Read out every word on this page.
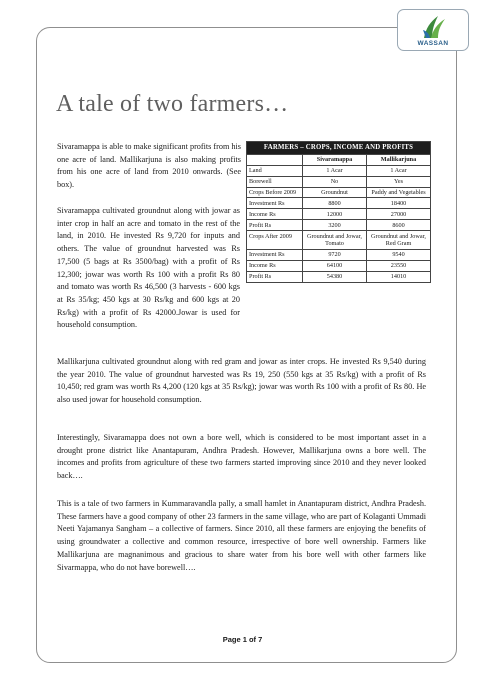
WASSAN
A tale of two farmers…

Sivaramappa is able to make significant profits from his one acre of land. Mallikarjuna is also making profits from his one acre of land from 2010 onwards. (See box).

Sivaramappa cultivated groundnut along with jowar as inter crop in half an acre and tomato in the rest of the land, in 2010. He invested Rs 9,720 for inputs and others. The value of groundnut harvested was Rs 17,500 (5 bags at Rs 3500/bag) with a profit of Rs 12,300; jowar was worth Rs 100 with a profit Rs 80 and tomato was worth Rs 46,500 (3 harvests - 600 kgs at Rs 35/kg; 450 kgs at 30 Rs/kg and 600 kgs at 20 Rs/kg) with a profit of Rs 42000.Jowar is used for household consumption.
FARMERS – CROPS, INCOME AND PROFITS		
	Sivaramappa	Mallikarjuna
Land	1 Acar	1 Acar
Borewell	No	Yes
Crops Before 2009	Groundnut	Paddy and Vegetables
Investment Rs	8800	18400
Income Rs	12000	27000
Profit Rs	3200	8600
Crops After 2009	Groundnut and Jowar, Tomato	Groundnut and Jowar, Red Gram
Investment Rs	9720	9540
Income Rs	64100	23550
Profit Rs	54380	14010

Mallikarjuna cultivated groundnut along with red gram and jowar as inter crops. He invested Rs 9,540 during the year 2010. The value of groundnut harvested was Rs 19, 250 (550 kgs at 35 Rs/kg) with a profit of Rs 10,450; red gram was worth Rs 4,200 (120 kgs at 35 Rs/kg); jowar was worth Rs 100 with a profit of Rs 80. He also used jowar for household consumption.

Interestingly, Sivaramappa does not own a bore well, which is considered to be most important asset in a drought prone district like Anantapuram, Andhra Pradesh. However, Mallikarjuna owns a bore well. The incomes and profits from agriculture of these two farmers started improving since 2010 and they never looked back….

This is a tale of two farmers in Kummaravandla pally, a small hamlet in Anantapuram district, Andhra Pradesh. These farmers have a good company of other 23 farmers in the same village, who are part of Kolaganti Ummadi Neeti Yajamanya Sangham – a collective of farmers. Since 2010, all these farmers are enjoying the benefits of using groundwater a collective and common resource, irrespective of bore well ownership. Farmers like Mallikarjuna are magnanimous and gracious to share water from his bore well with other farmers like Sivarmappa, who do not have borewell….

Page 1 of 7
